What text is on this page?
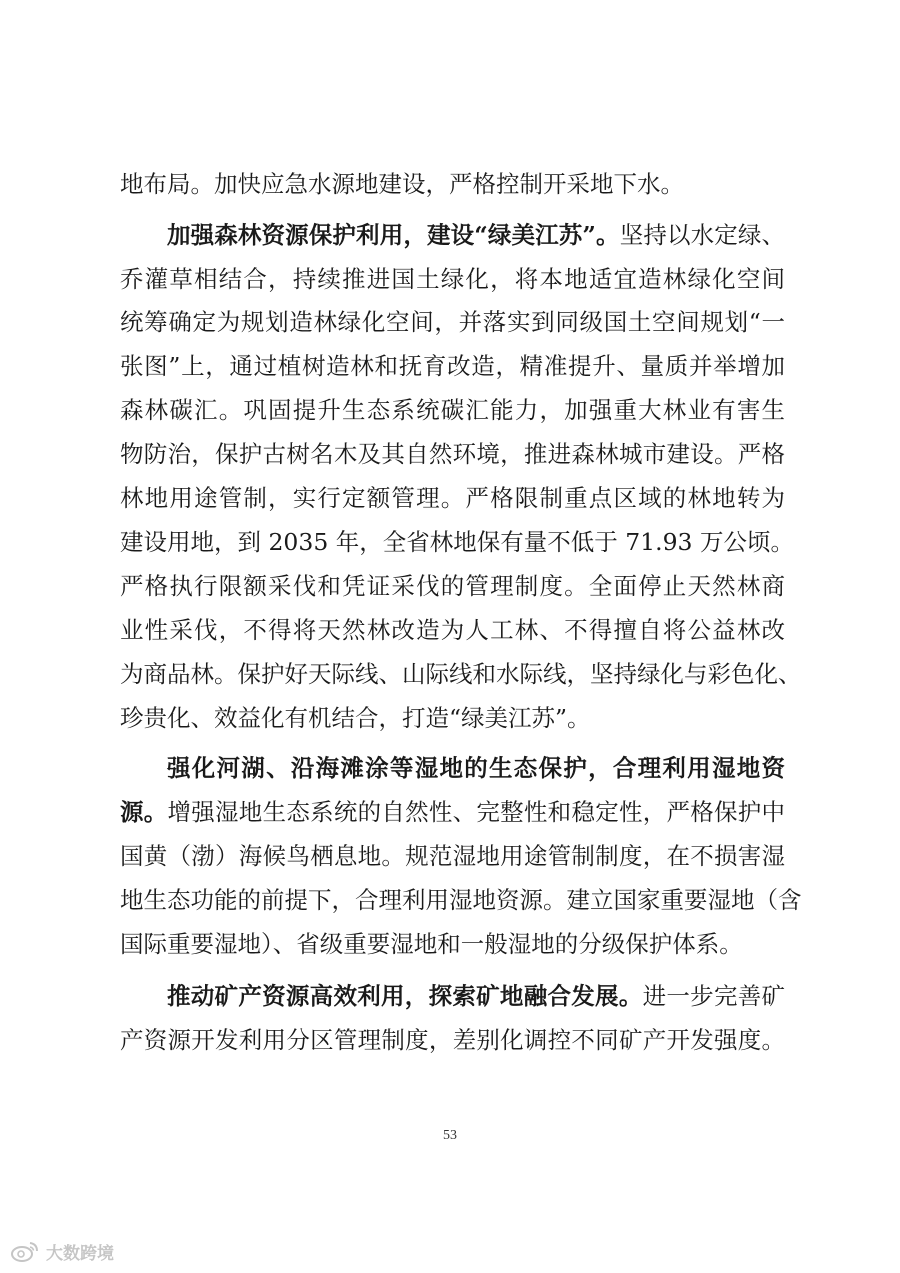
地布局。加快应急水源地建设，严格控制开采地下水。
加强森林资源保护利用，建设“绿美江苏”。坚持以水定绿、
乔灌草相结合，持续推进国土绿化，将本地适宜造林绿化空间
统筹确定为规划造林绿化空间，并落实到同级国土空间规划“一
张图”上，通过植树造林和抚育改造，精准提升、量质并举增加
森林碳汇。巩固提升生态系统碳汇能力，加强重大林业有害生
物防治，保护古树名木及其自然环境，推进森林城市建设。严格
林地用途管制，实行定额管理。严格限制重点区域的林地转为
建设用地，到 2035 年，全省林地保有量不低于 71.93 万公顷。
严格执行限额采伐和凭证采伐的管理制度。全面停止天然林商
业性采伐，不得将天然林改造为人工林、不得擅自将公益林改
为商品林。保护好天际线、山际线和水际线，坚持绿化与彩色化、
珍贵化、效益化有机结合，打造“绿美江苏”。
强化河湖、沿海滩涂等湿地的生态保护，合理利用湿地资
源。增强湿地生态系统的自然性、完整性和稳定性，严格保护中
国黄（渤）海候鸟栖息地。规范湿地用途管制制度，在不损害湿
地生态功能的前提下，合理利用湿地资源。建立国家重要湿地（含
国际重要湿地）、省级重要湿地和一般湿地的分级保护体系。
推动矿产资源高效利用，探索矿地融合发展。进一步完善矿
产资源开发利用分区管理制度，差别化调控不同矿产开发强度。
53
大数跨境
